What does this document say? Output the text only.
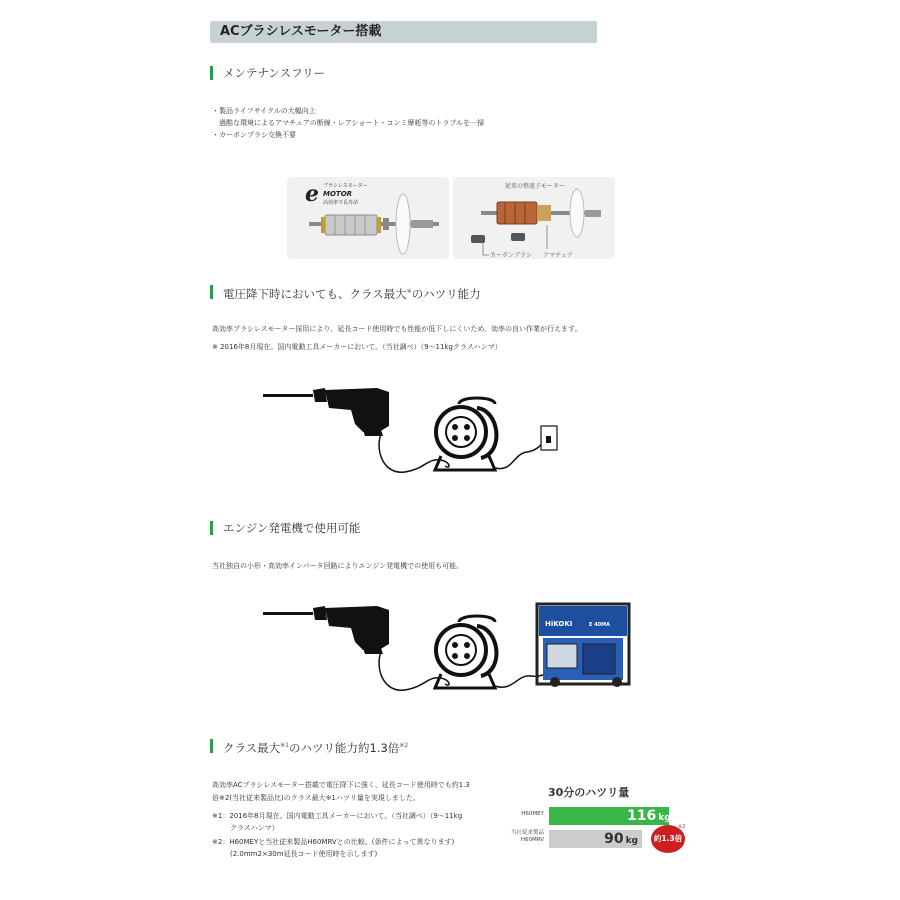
ACブラシレスモーター搭載
メンテナンスフリー
・製品ライフサイクルの大幅向上
　過酷な環境によるアマチュアの断線・レアショート・コンミ摩耗等のトラブルを一掃
・カーボンブラシ交換不要
e ブラシレスモーター
MOTOR
高効率で長寿命
従来の整流子モーター
カーボンブラシ アマチュア
電圧降下時においても、クラス最大※のハツリ能力
高効率ブラシレスモーター採用により、延長コード使用時でも性能が低下しにくいため、効率の良い作業が行えます。
※ 2016年8月現在。国内電動工具メーカーにおいて。（当社調べ）（9～11kgクラスハンマ）
エンジン発電機で使用可能
当社独自の小形・高効率インバータ回路によりエンジン発電機での使用も可能。
HiKOKI	E 40MA
クラス最大$^{※1}$のハツリ能力約1.3倍$^{※2}$
高効率ACブラシレスモーター搭載で電圧降下に強く、延長コード使用時でも約1.3
倍※2(当社従来製品比)のクラス最大※1ハツリ量を実現しました。
※1：2016年8月現在。国内電動工具メーカーにおいて。（当社調べ）（9～11kg
クラスハンマ）
※2：H60MEYと当社従来製品H60MRVとの比較。(条件によって異なります)
(2.0mm2×30m延長コード使用時を示します)
30分のハツリ量
H60MEY	116 kg
当社従来製品
H60MRV	90 kg	約1.3倍
※2
